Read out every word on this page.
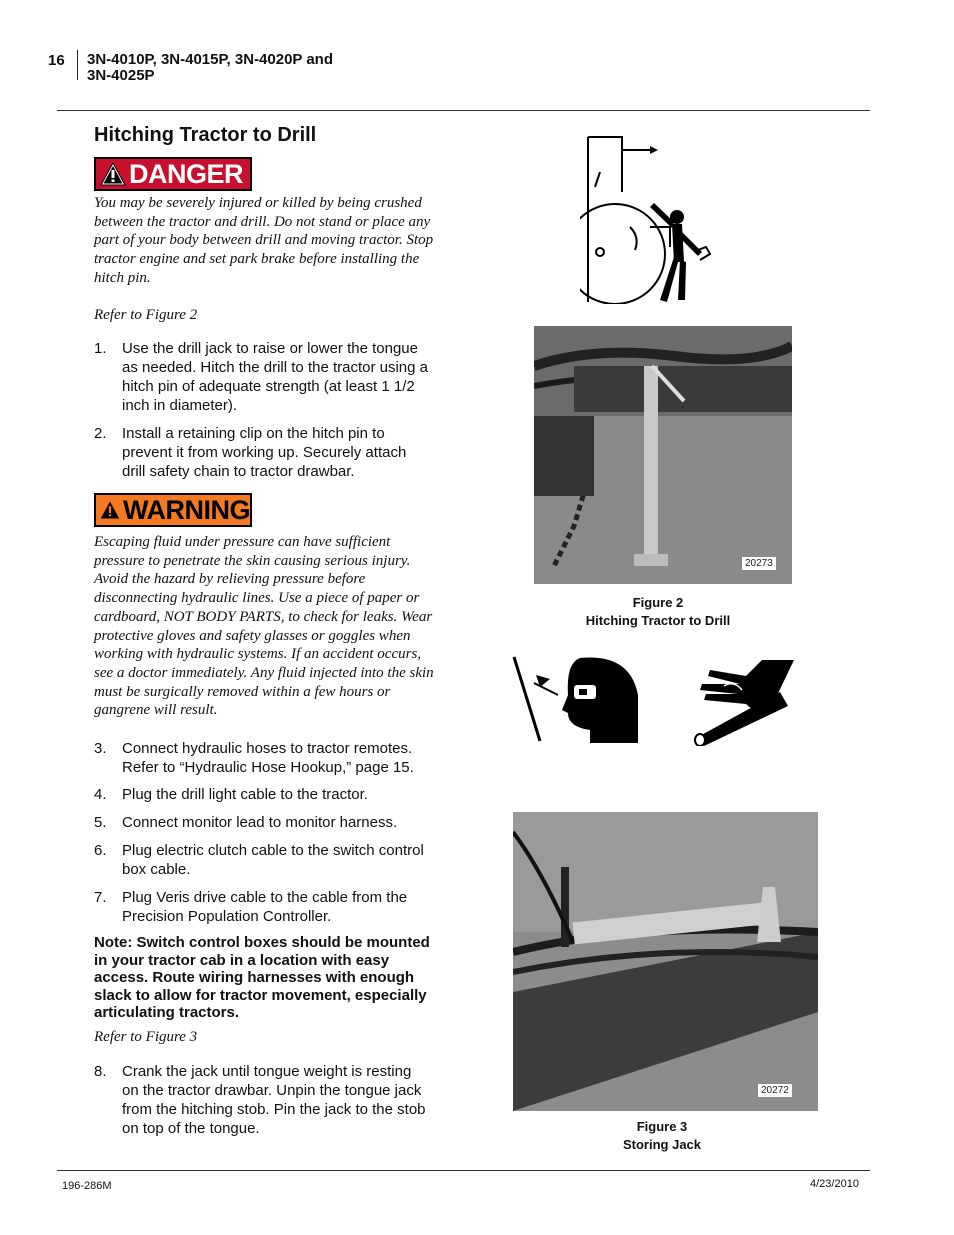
16 3N-4010P, 3N-4015P, 3N-4020P and
3N-4025P
Hitching Tractor to Drill
DANGER
You may be severely injured or killed by being crushed between the tractor and drill. Do not stand or place any part of your body between drill and moving tractor. Stop tractor engine and set park brake before installing the hitch pin.
Refer to Figure 2
1. Use the drill jack to raise or lower the tongue as needed. Hitch the drill to the tractor using a hitch pin of adequate strength (at least 1 1/2 inch in diameter).
2. Install a retaining clip on the hitch pin to prevent it from working up. Securely attach drill safety chain to tractor drawbar.
WARNING
Escaping fluid under pressure can have sufficient pressure to penetrate the skin causing serious injury. Avoid the hazard by relieving pressure before disconnecting hydraulic lines. Use a piece of paper or cardboard, NOT BODY PARTS, to check for leaks. Wear protective gloves and safety glasses or goggles when working with hydraulic systems. If an accident occurs, see a doctor immediately. Any fluid injected into the skin must be surgically removed within a few hours or gangrene will result.
3. Connect hydraulic hoses to tractor remotes. Refer to “Hydraulic Hose Hookup,” page 15.
4. Plug the drill light cable to the tractor.
5. Connect monitor lead to monitor harness.
6. Plug electric clutch cable to the switch control box cable.
7. Plug Veris drive cable to the cable from the Precision Population Controller.
Note: Switch control boxes should be mounted in your tractor cab in a location with easy access. Route wiring harnesses with enough slack to allow for tractor movement, especially articulating tractors.
Refer to Figure 3
8. Crank the jack until tongue weight is resting on the tractor drawbar. Unpin the tongue jack from the hitching stob. Pin the jack to the stob on top of the tongue.
20273
Figure 2
Hitching Tractor to Drill
20272
Figure 3
Storing Jack
196-286M	4/23/2010
